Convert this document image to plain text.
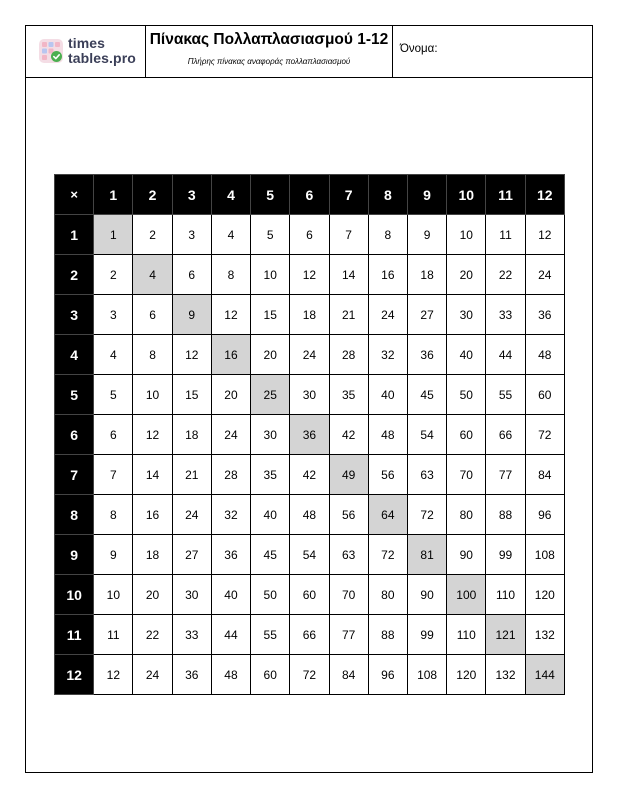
times
tables.pro
Πίνακας Πολλαπλασιασμού 1-12
Πλήρης πίνακας αναφοράς πολλαπλασιασμού
Όνομα:
×	1	2	3	4	5	6	7	8	9	10	11	12
1	1	2	3	4	5	6	7	8	9	10	11	12
2	2	4	6	8	10	12	14	16	18	20	22	24
3	3	6	9	12	15	18	21	24	27	30	33	36
4	4	8	12	16	20	24	28	32	36	40	44	48
5	5	10	15	20	25	30	35	40	45	50	55	60
6	6	12	18	24	30	36	42	48	54	60	66	72
7	7	14	21	28	35	42	49	56	63	70	77	84
8	8	16	24	32	40	48	56	64	72	80	88	96
9	9	18	27	36	45	54	63	72	81	90	99	108
10	10	20	30	40	50	60	70	80	90	100	110	120
11	11	22	33	44	55	66	77	88	99	110	121	132
12	12	24	36	48	60	72	84	96	108	120	132	144
